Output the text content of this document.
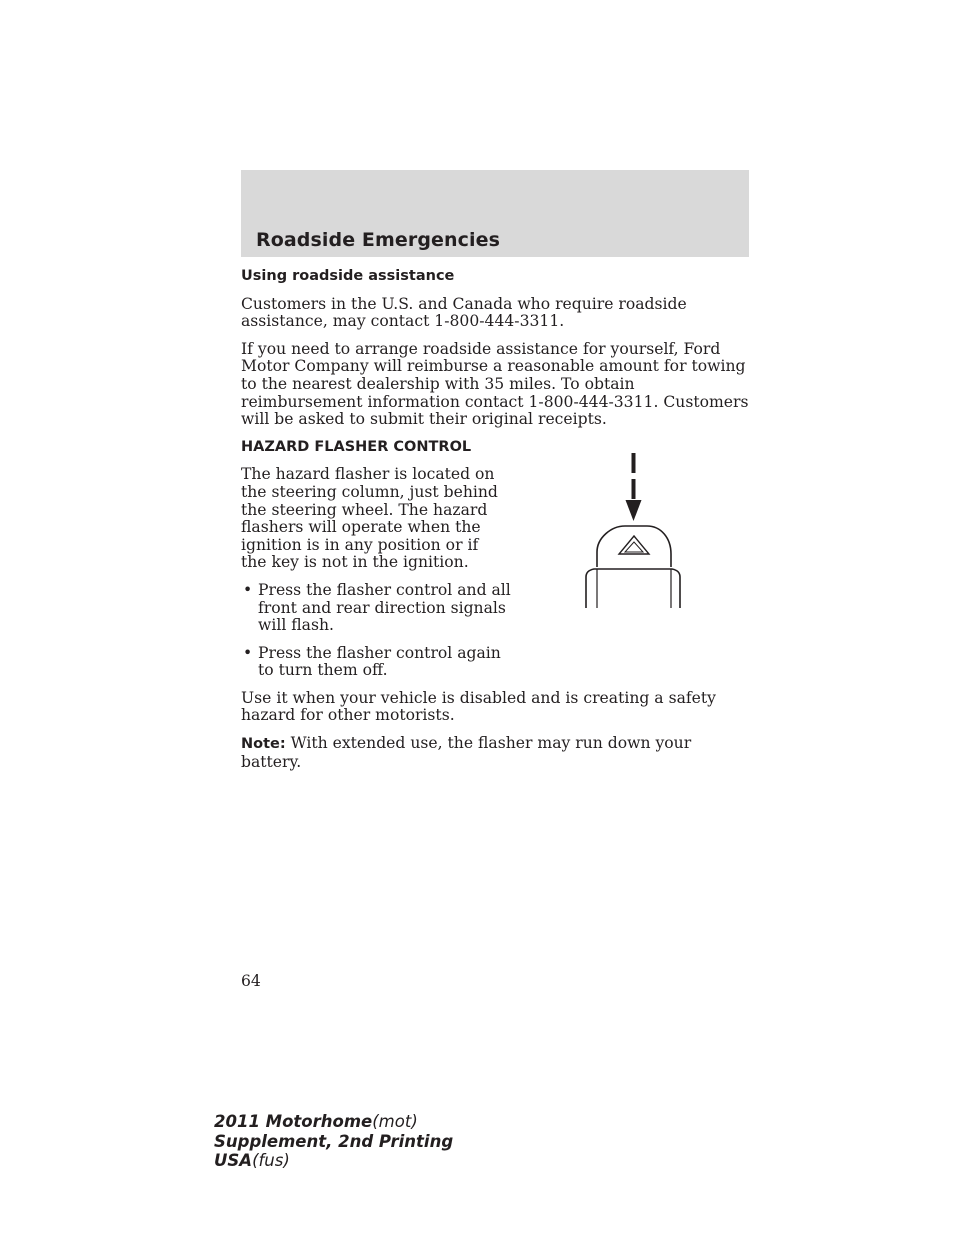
Roadside Emergencies

Using roadside assistance

Customers in the U.S. and Canada who require roadside assistance, may contact 1-800-444-3311.

If you need to arrange roadside assistance for yourself, Ford Motor Company will reimburse a reasonable amount for towing to the nearest dealership with 35 miles. To obtain reimbursement information contact 1-800-444-3311. Customers will be asked to submit their original receipts.

HAZARD FLASHER CONTROL

The hazard flasher is located on the steering column, just behind the steering wheel. The hazard flashers will operate when the ignition is in any position or if the key is not in the ignition.

• Press the flasher control and all front and rear direction signals will flash.
• Press the flasher control again to turn them off.

Use it when your vehicle is disabled and is creating a safety hazard for other motorists.

Note: With extended use, the flasher may run down your battery.

64
2011 Motorhome(mot)
Supplement, 2nd Printing
USA(fus)
